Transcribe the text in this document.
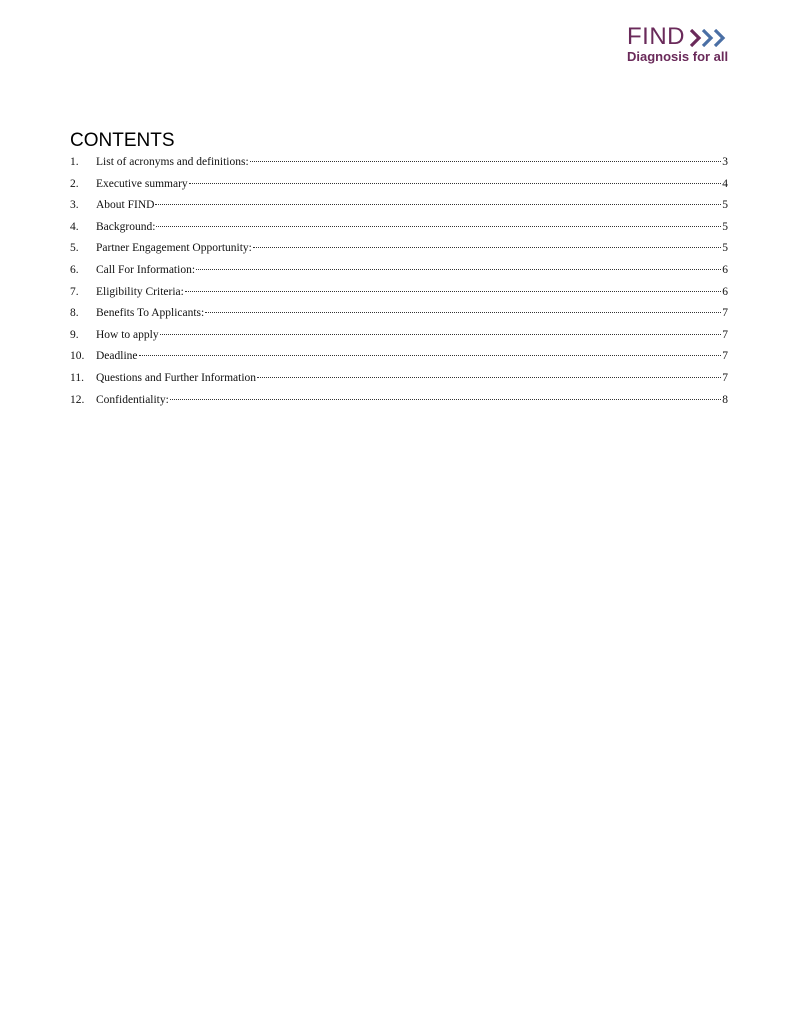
FIND
Diagnosis for all
CONTENTS
1.	List of acronyms and definitions:	3
2.	Executive summary	4
3.	About FIND	5
4.	Background:	5
5.	Partner Engagement Opportunity:	5
6.	Call For Information:	6
7.	Eligibility Criteria:	6
8.	Benefits To Applicants:	7
9.	How to apply	7
10.	Deadline	7
11.	Questions and Further Information	7
12.	Confidentiality:	8
